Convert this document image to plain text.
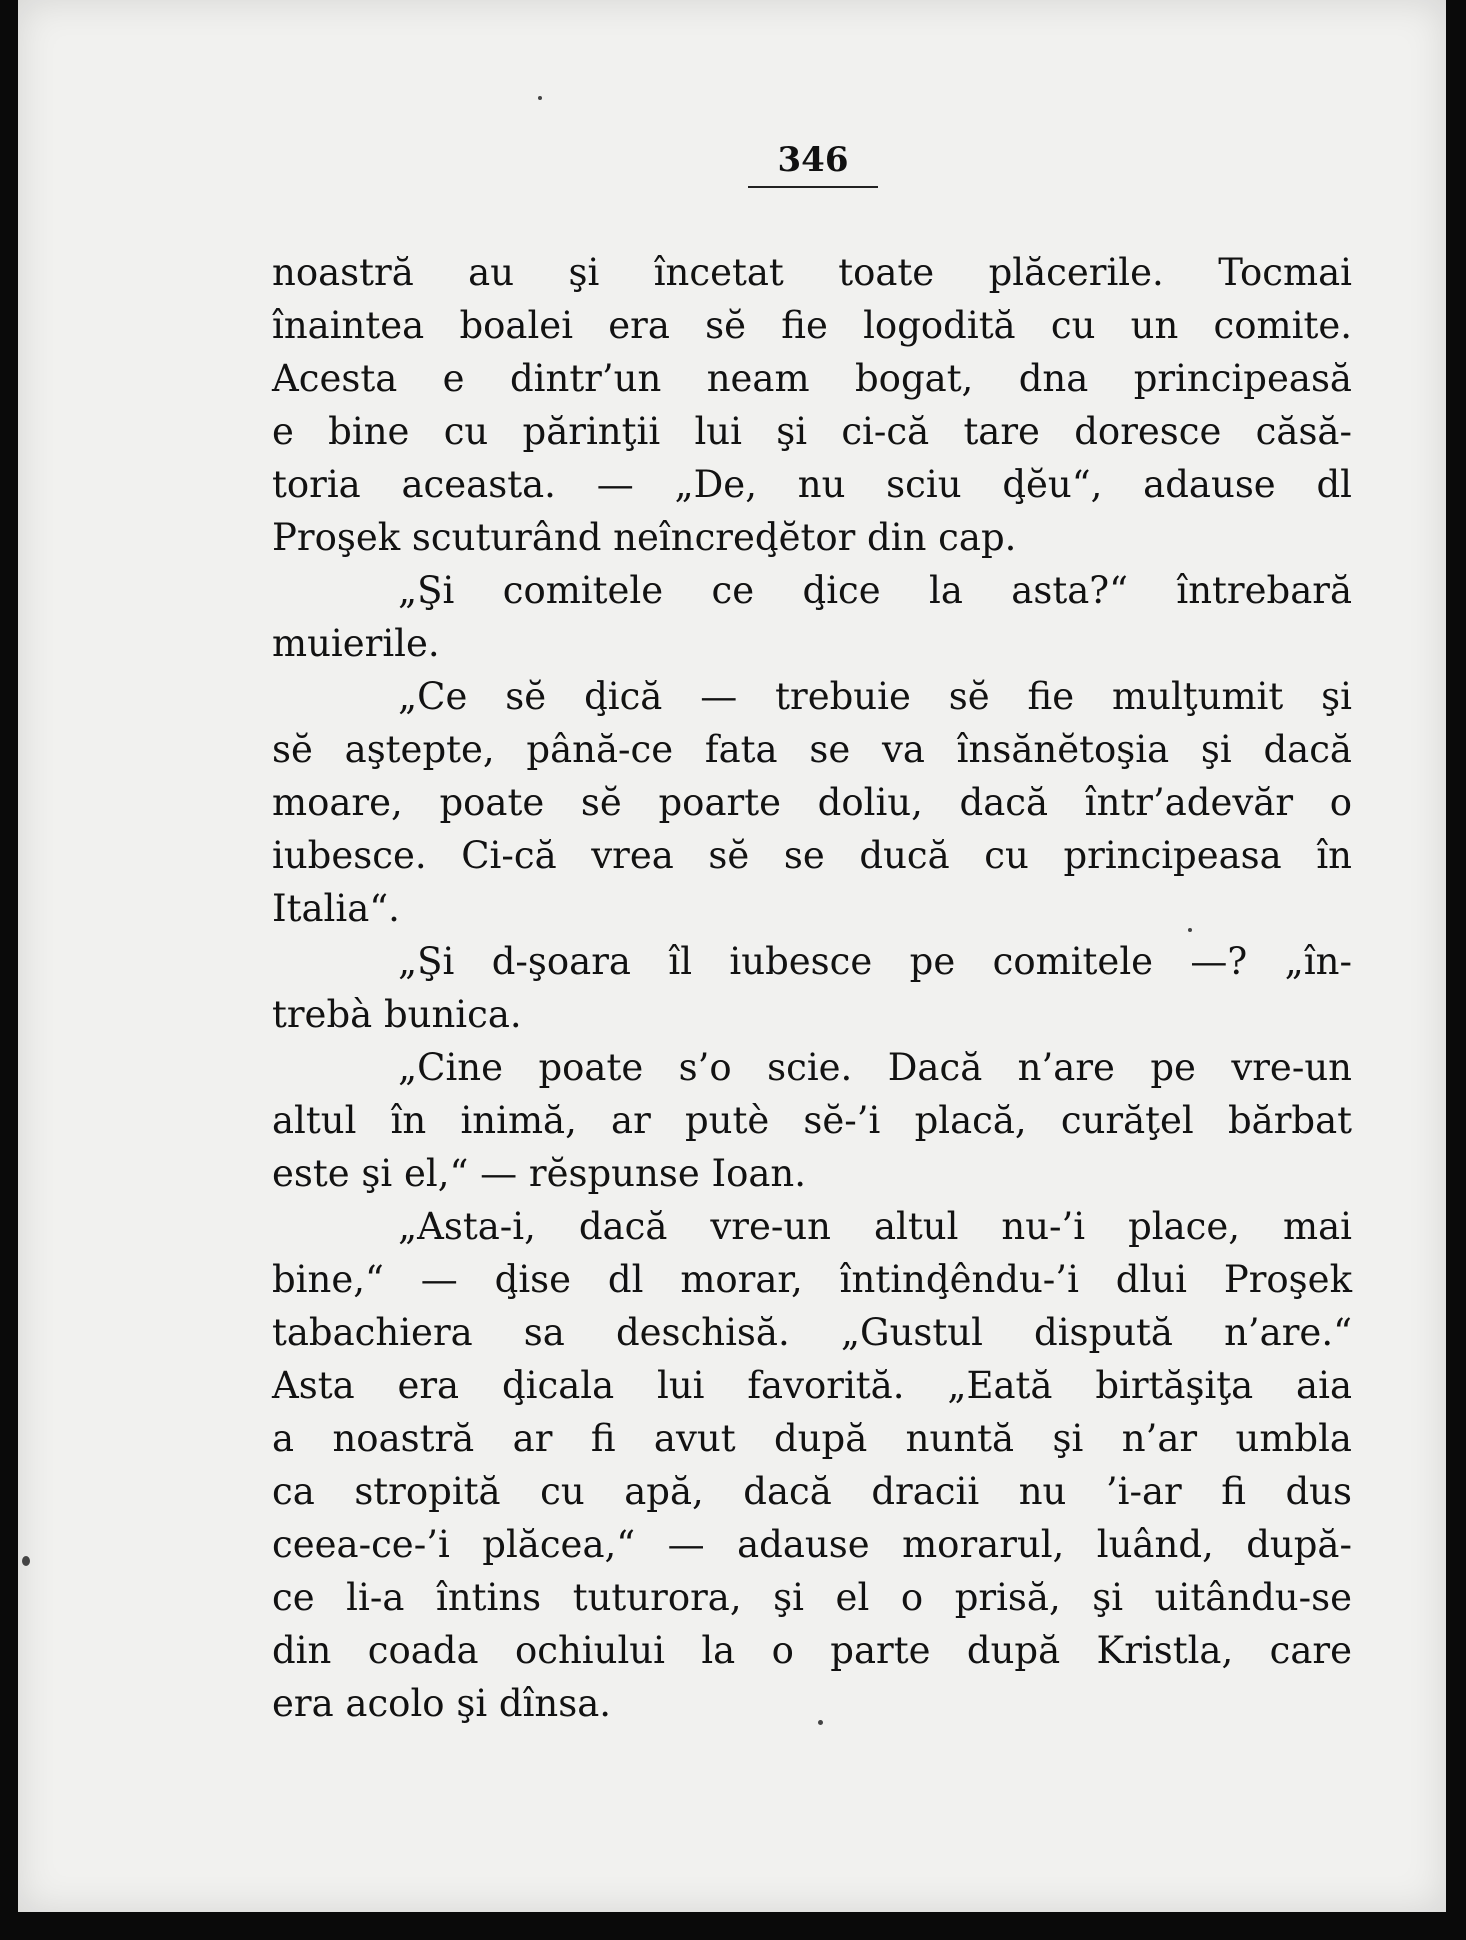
346
noastră au şi încetat toate plăcerile. Tocmai
înaintea boalei era sĕ fie logodită cu un comite.
Acesta e dintr’un neam bogat, dna principeasă
e bine cu părinţii lui şi ci-că tare doresce căsă-
toria aceasta. — „De, nu sciu ḑĕu“, adause dl
Proşek scuturând neîncreḑĕtor din cap.
„Şi comitele ce ḑice la asta?“ întrebară
muierile.
„Ce sĕ ḑică — trebuie sĕ fie mulţumit şi
sĕ aştepte, până-ce fata se va însănĕtoşia şi dacă
moare, poate sĕ poarte doliu, dacă într’adevăr o
iubesce. Ci-că vrea sĕ se ducă cu principeasa în
Italia“.
„Şi d-şoara îl iubesce pe comitele —? „în-
trebà bunica.
„Cine poate s’o scie. Dacă n’are pe vre-un
altul în inimă, ar putè sĕ-’i placă, curăţel bărbat
este şi el,“ — rĕspunse Ioan.
„Asta-i, dacă vre-un altul nu-’i place, mai
bine,“ — ḑise dl morar, întinḑêndu-’i dlui Proşek
tabachiera sa deschisă. „Gustul dispută n’are.“
Asta era ḑicala lui favorită. „Eată birtăşiţa aia
a noastră ar fi avut după nuntă şi n’ar umbla
ca stropită cu apă, dacă dracii nu ’i-ar fi dus
ceea-ce-’i plăcea,“ — adause morarul, luând, după-
ce li-a întins tuturora, şi el o prisă, şi uitându-se
din coada ochiului la o parte după Kristla, care
era acolo şi dînsa.
